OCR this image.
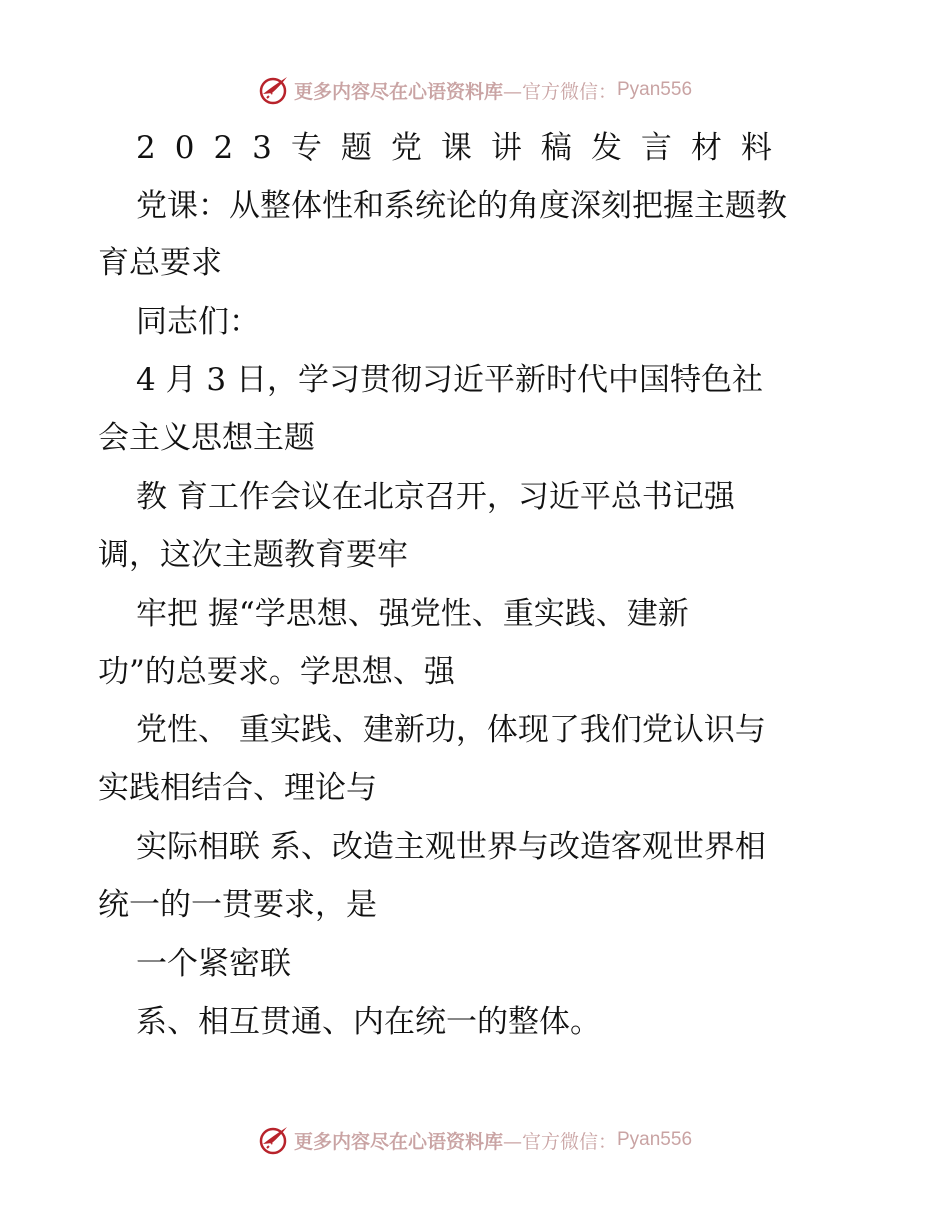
更多内容尽在心语资料库 —官方微信： Pyan556
2023专题党课讲稿发言材料
党课：从整体性和系统论的角度深刻把握主题教
育总要求
同志们：
4 月 3 日，学习贯彻习近平新时代中国特色社
会主义思想主题
教 育工作会议在北京召开，习近平总书记强
调，这次主题教育要牢
牢把 握“学思想、强党性、重实践、建新
功”的总要求。学思想、强
党性、 重实践、建新功，体现了我们党认识与
实践相结合、理论与
实际相联 系、改造主观世界与改造客观世界相
统一的一贯要求，是
一个紧密联
系、相互贯通、内在统一的整体。
更多内容尽在心语资料库 —官方微信： Pyan556
